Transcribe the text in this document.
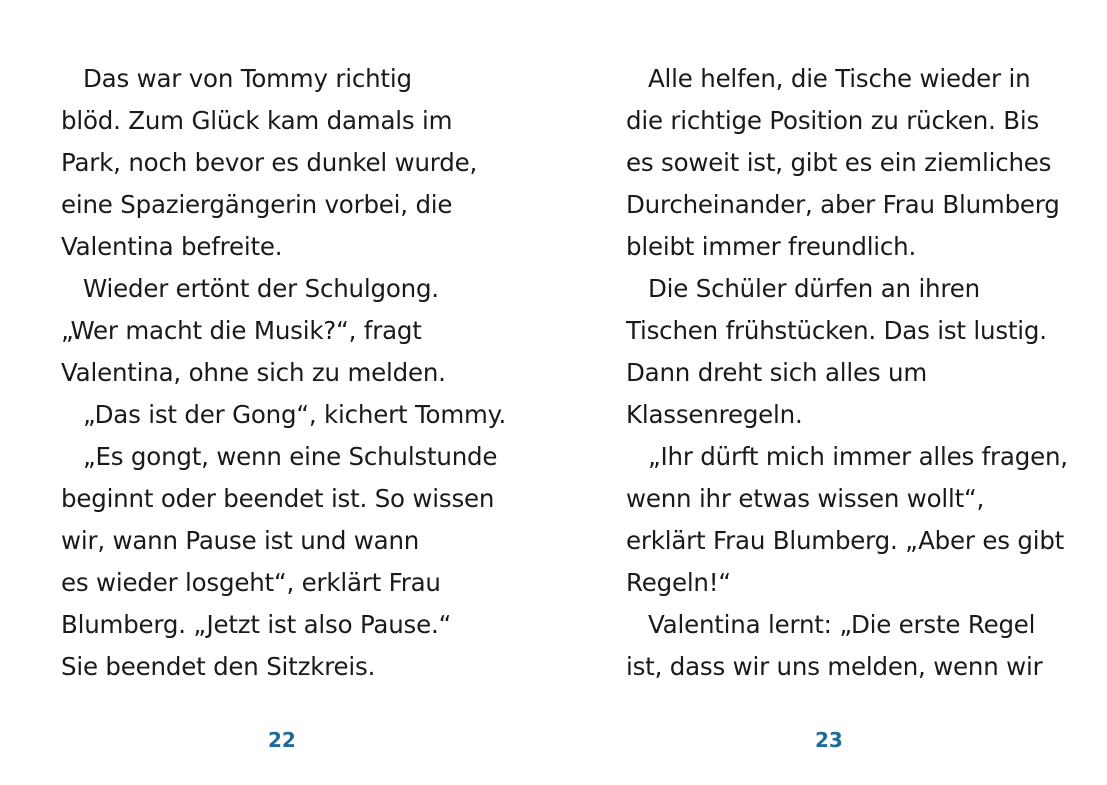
Das war von Tommy richtig
blöd. Zum Glück kam damals im
Park, noch bevor es dunkel wurde,
eine Spaziergängerin vorbei, die
Valentina befreite.
Wieder ertönt der Schulgong.
„Wer macht die Musik?“, fragt
Valentina, ohne sich zu melden.
„Das ist der Gong“, kichert Tommy.
„Es gongt, wenn eine Schulstunde
beginnt oder beendet ist. So wissen
wir, wann Pause ist und wann
es wieder losgeht“, erklärt Frau
Blumberg. „Jetzt ist also Pause.“
Sie beendet den Sitzkreis.
Alle helfen, die Tische wieder in
die richtige Position zu rücken. Bis
es soweit ist, gibt es ein ziemliches
Durcheinander, aber Frau Blumberg
bleibt immer freundlich.
Die Schüler dürfen an ihren
Tischen frühstücken. Das ist lustig.
Dann dreht sich alles um
Klassenregeln.
„Ihr dürft mich immer alles fragen,
wenn ihr etwas wissen wollt“,
erklärt Frau Blumberg. „Aber es gibt
Regeln!“
Valentina lernt: „Die erste Regel
ist, dass wir uns melden, wenn wir
22	23
